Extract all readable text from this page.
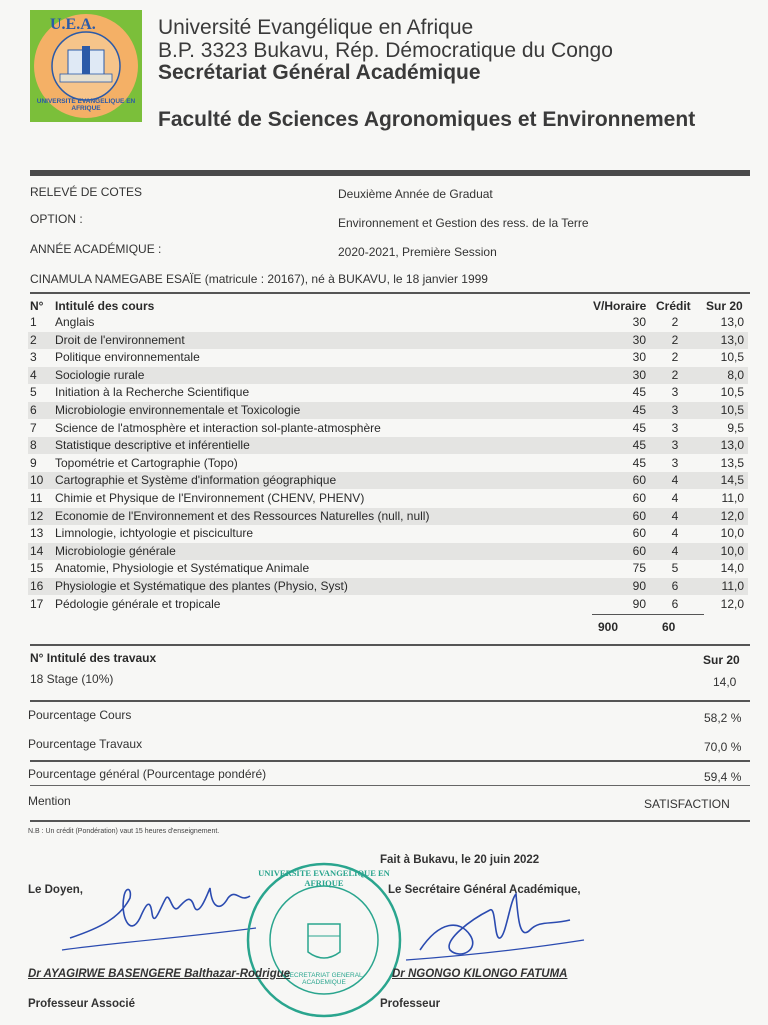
U.E.A.
UNIVERSITE EVANGELIQUE EN AFRIQUE
Université Evangélique en Afrique
B.P. 3323 Bukavu, Rép. Démocratique du Congo
Secrétariat Général Académique
Faculté de Sciences Agronomiques et Environnement
RELEVÉ DE COTES	Deuxième Année de Graduat
OPTION :	Environnement et Gestion des ress. de la Terre
ANNÉE ACADÉMIQUE :	2020-2021, Première Session
CINAMULA NAMEGABE ESAÏE (matricule : 20167), né à BUKAVU, le 18 janvier 1999
N° Intitulé des cours	V/Horaire Crédit Sur 20
1 Anglais	30	2	13,0
2 Droit de l'environnement	30	2	13,0
3 Politique environnementale	30	2	10,5
4 Sociologie rurale	30	2	8,0
5 Initiation à la Recherche Scientifique	45	3	10,5
6 Microbiologie environnementale et Toxicologie	45	3	10,5
7 Science de l'atmosphère et interaction sol-plante-atmosphère	45	3	9,5
8 Statistique descriptive et inférentielle	45	3	13,0
9 Topométrie et Cartographie (Topo)	45	3	13,5
10 Cartographie et Système d'information géographique	60	4	14,5
11 Chimie et Physique de l'Environnement (CHENV, PHENV)	60	4	11,0
12 Economie de l'Environnement et des Ressources Naturelles (null, null)	60	4	12,0
13 Limnologie, ichtyologie et pisciculture	60	4	10,0
14 Microbiologie générale	60	4	10,0
15 Anatomie, Physiologie et Systématique Animale	75	5	14,0
16 Physiologie et Systématique des plantes (Physio, Syst)	90	6	11,0
17 Pédologie générale et tropicale	90	6	12,0
900	60
N° Intitulé des travaux	Sur 20
18 Stage (10%)	14,0
Pourcentage Cours	58,2 %
Pourcentage Travaux	70,0 %
Pourcentage général (Pourcentage pondéré)	59,4 %
Mention	SATISFACTION
N.B : Un crédit (Pondération) vaut 15 heures d'enseignement.
Fait à Bukavu, le 20 juin 2022
Le Doyen,	Le Secrétaire Général Académique,
UNIVERSITE EVANGELIQUE EN AFRIQUE
SECRETARIAT GENERAL ACADEMIQUE
Dr AYAGIRWE BASENGERE Balthazar-Rodrigue	Dr NGONGO KILONGO FATUMA
Professeur Associé	Professeur
